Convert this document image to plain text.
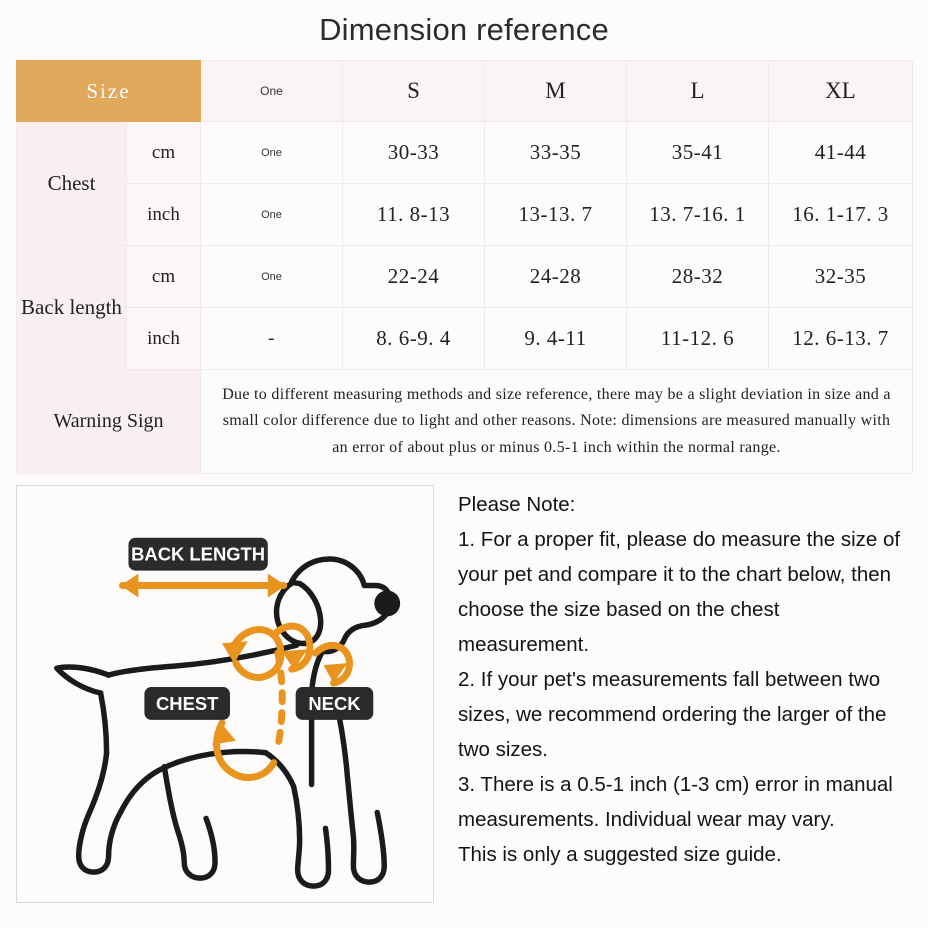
Dimension reference
Size		One	S	M	L	XL
Chest	cm	One	30-33	33-35	35-41	41-44
	inch	One	11. 8-13	13-13. 7	13. 7-16. 1	16. 1-17. 3
Back length	cm	One	22-24	24-28	28-32	32-35
	inch	-	8. 6-9. 4	9. 4-11	11-12. 6	12. 6-13. 7
Warning Sign		Due to different measuring methods and size reference, there may be a slight deviation in size and a small color difference due to light and other reasons. Note: dimensions are measured manually with an error of about plus or minus 0.5-1 inch within the normal range.				
BACK LENGTH
CHEST	NECK

Please Note:

1. For a proper fit, please do measure the size of your pet and compare it to the chart below, then choose the size based on the chest measurement.

2. If your pet's measurements fall between two sizes, we recommend ordering the larger of the two sizes.

3. There is a 0.5-1 inch (1-3 cm) error in manual measurements. Individual wear may vary.

This is only a suggested size guide.
